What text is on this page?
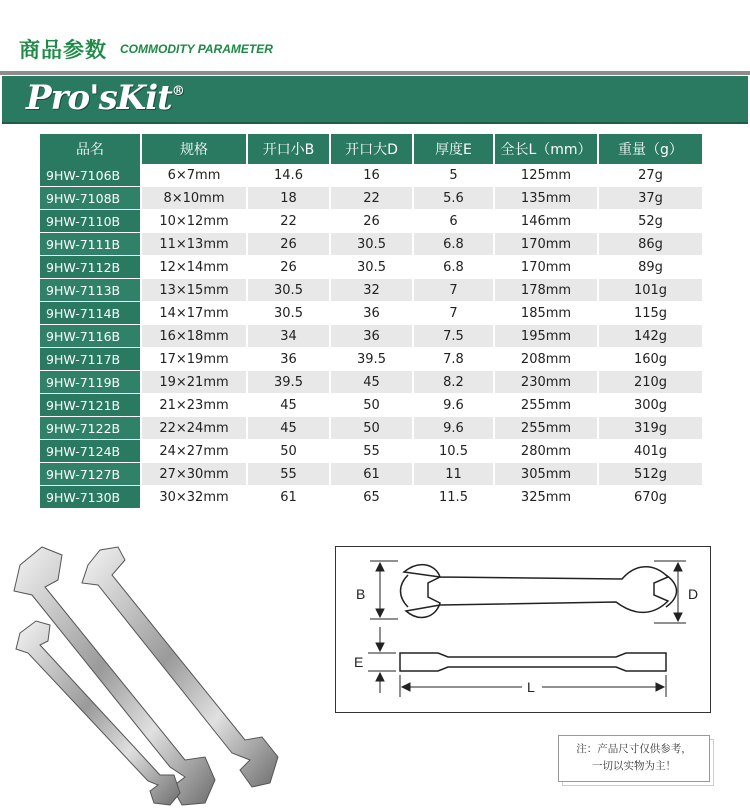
商品参数 COMMODITY PARAMETER
Pro'sKit®
品名	规格	开口小B	开口大D	厚度E	全长L（mm）	重量（g）
9HW-7106B	6×7mm	14.6	16	5	125mm	27g
9HW-7108B	8×10mm	18	22	5.6	135mm	37g
9HW-7110B	10×12mm	22	26	6	146mm	52g
9HW-7111B	11×13mm	26	30.5	6.8	170mm	86g
9HW-7112B	12×14mm	26	30.5	6.8	170mm	89g
9HW-7113B	13×15mm	30.5	32	7	178mm	101g
9HW-7114B	14×17mm	30.5	36	7	185mm	115g
9HW-7116B	16×18mm	34	36	7.5	195mm	142g
9HW-7117B	17×19mm	36	39.5	7.8	208mm	160g
9HW-7119B	19×21mm	39.5	45	8.2	230mm	210g
9HW-7121B	21×23mm	45	50	9.6	255mm	300g
9HW-7122B	22×24mm	45	50	9.6	255mm	319g
9HW-7124B	24×27mm	50	55	10.5	280mm	401g
9HW-7127B	27×30mm	55	61	11	305mm	512g
9HW-7130B	30×32mm	61	65	11.5	325mm	670g
B	D
E
L
注：产品尺寸仅供参考，
一切以实物为主！
